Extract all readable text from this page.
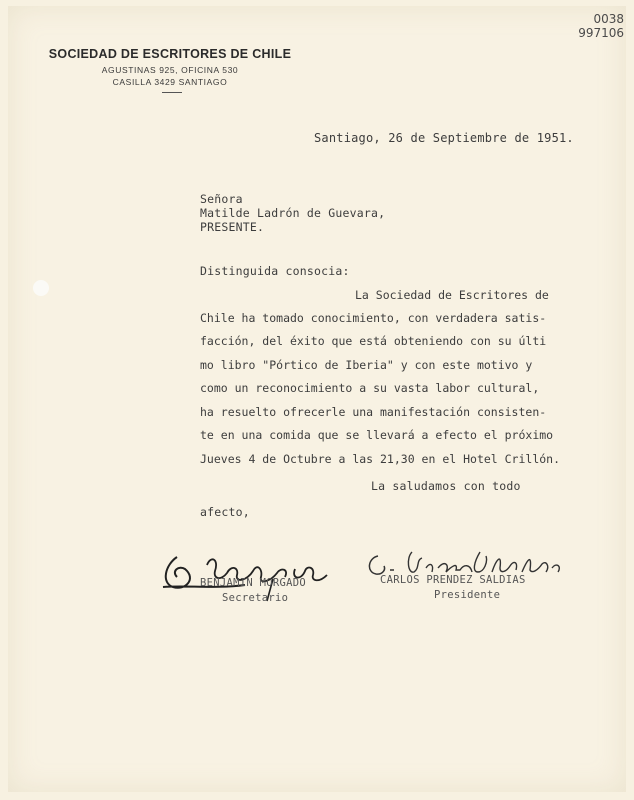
0038
997106
SOCIEDAD DE ESCRITORES DE CHILE
AGUSTINAS 925, OFICINA 530
CASILLA 3429 SANTIAGO
Santiago, 26 de Septiembre de 1951.
Señora
Matilde Ladrón de Guevara,
PRESENTE.
Distinguida consocia:
La Sociedad de Escritores de
Chile ha tomado conocimiento, con verdadera satis-
facción, del éxito que está obteniendo con su últi
mo libro "Pórtico de Iberia" y con este motivo y
como un reconocimiento a su vasta labor cultural,
ha resuelto ofrecerle una manifestación consisten-
te en una comida que se llevará a efecto el próximo
Jueves 4 de Octubre a las 21,30 en el Hotel Crillón.
La saludamos con todo
afecto,
BENJAMIN MORGADO
Secretario
CARLOS PRENDEZ SALDIAS
Presidente
